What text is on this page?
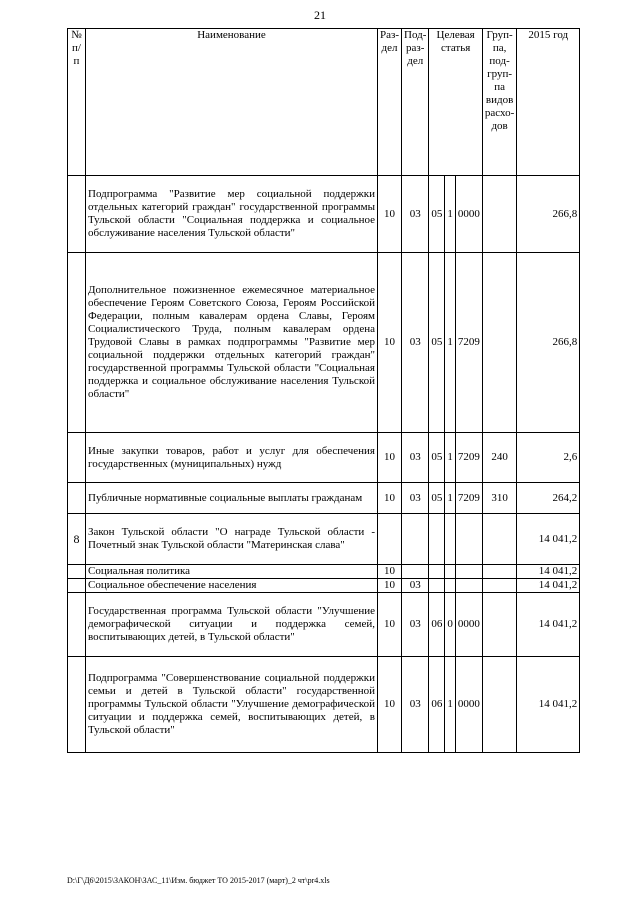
21
№ п/п	Наименование	Раз-дел	Под-раз-дел	Целевая статья			Груп-па, под-груп-па видов расхо-дов	2015 год
	Подпрограмма "Развитие мер социальной поддержки отдельных категорий граждан" государственной программы Тульской области "Социальная поддержка и социальное обслуживание населения Тульской области"	10	03	05	1	0000		266,8
	Дополнительное пожизненное ежемесячное материальное обеспечение Героям Советского Союза, Героям Российской Федерации, полным кавалерам ордена Славы, Героям Социалистического Труда, полным кавалерам ордена Трудовой Славы в рамках подпрограммы "Развитие мер социальной поддержки отдельных категорий граждан" государственной программы Тульской области "Социальная поддержка и социальное обслуживание населения Тульской области"	10	03	05	1	7209		266,8
	Иные закупки товаров, работ и услуг для обеспечения государственных (муниципальных) нужд	10	03	05	1	7209	240	2,6
	Публичные нормативные социальные выплаты гражданам	10	03	05	1	7209	310	264,2
8	Закон Тульской области "О награде Тульской области - Почетный знак Тульской области "Материнская слава"							14 041,2
	Социальная политика	10						14 041,2
	Социальное обеспечение населения	10	03					14 041,2
	Государственная программа Тульской области "Улучшение демографической ситуации и поддержка семей, воспитывающих детей, в Тульской области"	10	03	06	0	0000		14 041,2
	Подпрограмма "Совершенствование социальной поддержки семьи и детей в Тульской области" государственной программы Тульской области "Улучшение демографической ситуации и поддержка семей, воспитывающих детей, в Тульской области"	10	03	06	1	0000		14 041,2
D:\Г\Д6\2015\ЗАКОН\ЗАС_11\Изм. бюджет ТО 2015-2017 (март)_2 чт\pr4.xls
